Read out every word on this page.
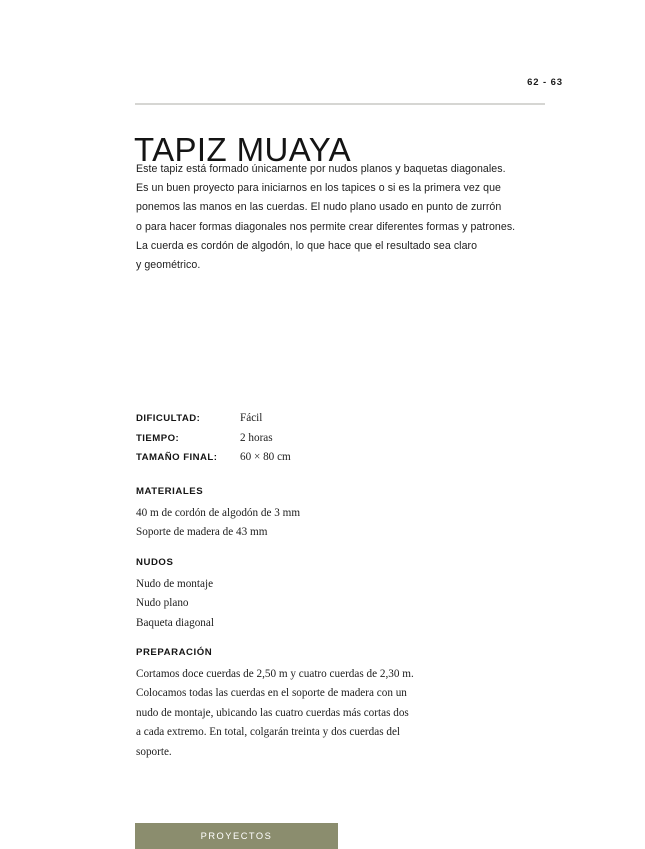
62 - 63
TAPIZ MUAYA
Este tapiz está formado únicamente por nudos planos y baquetas diagonales.
Es un buen proyecto para iniciarnos en los tapices o si es la primera vez que
ponemos las manos en las cuerdas. El nudo plano usado en punto de zurrón
o para hacer formas diagonales nos permite crear diferentes formas y patrones.
La cuerda es cordón de algodón, lo que hace que el resultado sea claro
y geométrico.
DIFICULTAD:	Fácil
TIEMPO:	2 horas
TAMAÑO FINAL:	60 × 80 cm
MATERIALES
40 m de cordón de algodón de 3 mm
Soporte de madera de 43 mm
NUDOS
Nudo de montaje
Nudo plano
Baqueta diagonal
PREPARACIÓN
Cortamos doce cuerdas de 2,50 m y cuatro cuerdas de 2,30 m.
Colocamos todas las cuerdas en el soporte de madera con un
nudo de montaje, ubicando las cuatro cuerdas más cortas dos
a cada extremo. En total, colgarán treinta y dos cuerdas del
soporte.
PROYECTOS
